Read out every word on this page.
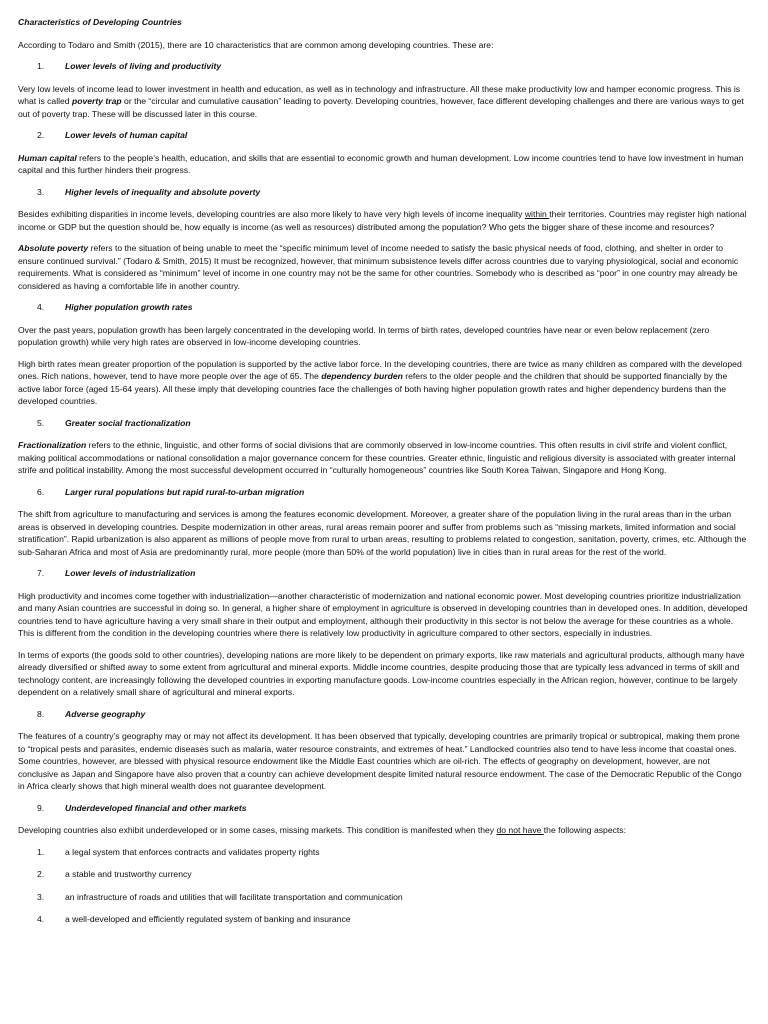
Characteristics of Developing Countries

According to Todaro and Smith (2015), there are 10 characteristics that are common among developing countries. These are:

1.	Lower levels of living and productivity

Very low levels of income lead to lower investment in health and education, as well as in technology and infrastructure. All these make productivity low and hamper economic progress. This is what is called poverty trap or the “circular and cumulative causation” leading to poverty. Developing countries, however, face different developing challenges and there are various ways to get out of poverty trap. These will be discussed later in this course.

2.	Lower levels of human capital

Human capital refers to the people’s health, education, and skills that are essential to economic growth and human development. Low income countries tend to have low investment in human capital and this further hinders their progress.

3.	Higher levels of inequality and absolute poverty

Besides exhibiting disparities in income levels, developing countries are also more likely to have very high levels of income inequality within their territories. Countries may register high national income or GDP but the question should be, how equally is income (as well as resources) distributed among the population? Who gets the bigger share of these income and resources?

Absolute poverty refers to the situation of being unable to meet the “specific minimum level of income needed to satisfy the basic physical needs of food, clothing, and shelter in order to ensure continued survival.” (Todaro & Smith, 2015) It must be recognized, however, that minimum subsistence levels differ across countries due to varying physiological, social and economic requirements. What is considered as “minimum” level of income in one country may not be the same for other countries. Somebody who is described as “poor” in one country may already be considered as having a comfortable life in another country.

4.	Higher population growth rates

Over the past years, population growth has been largely concentrated in the developing world. In terms of birth rates, developed countries have near or even below replacement (zero population growth) while very high rates are observed in low-income developing countries.

High birth rates mean greater proportion of the population is supported by the active labor force. In the developing countries, there are twice as many children as compared with the developed ones. Rich nations, however, tend to have more people over the age of 65. The dependency burden refers to the older people and the children that should be supported financially by the active labor force (aged 15-64 years). All these imply that developing countries face the challenges of both having higher population growth rates and higher dependency burdens than the developed countries.

5.	Greater social fractionalization

Fractionalization refers to the ethnic, linguistic, and other forms of social divisions that are commonly observed in low-income countries. This often results in civil strife and violent conflict, making political accommodations or national consolidation a major governance concern for these countries. Greater ethnic, linguistic and religious diversity is associated with greater internal strife and political instability. Among the most successful development occurred in “culturally homogeneous” countries like South Korea Taiwan, Singapore and Hong Kong.

6.	Larger rural populations but rapid rural-to-urban migration

The shift from agriculture to manufacturing and services is among the features economic development. Moreover, a greater share of the population living in the rural areas than in the urban areas is observed in developing countries. Despite modernization in other areas, rural areas remain poorer and suffer from problems such as “missing markets, limited information and social stratification”. Rapid urbanization is also apparent as millions of people move from rural to urban areas, resulting to problems related to congestion, sanitation, poverty, crimes, etc. Although the sub-Saharan Africa and most of Asia are predominantly rural, more people (more than 50% of the world population) live in cities than in rural areas for the rest of the world.

7.	Lower levels of industrialization

High productivity and incomes come together with industrialization—another characteristic of modernization and national economic power. Most developing countries prioritize industrialization and many Asian countries are successful in doing so. In general, a higher share of employment in agriculture is observed in developing countries than in developed ones. In addition, developed countries tend to have agriculture having a very small share in their output and employment, although their productivity in this sector is not below the average for these countries as a whole. This is different from the condition in the developing countries where there is relatively low productivity in agriculture compared to other sectors, especially in industries.

In terms of exports (the goods sold to other countries), developing nations are more likely to be dependent on primary exports, like raw materials and agricultural products, although many have already diversified or shifted away to some extent from agricultural and mineral exports. Middle income countries, despite producing those that are typically less advanced in terms of skill and technology content, are increasingly following the developed countries in exporting manufacture goods. Low-income countries especially in the African region, however, continue to be largely dependent on a relatively small share of agricultural and mineral exports.

8.	Adverse geography

The features of a country’s geography may or may not affect its development. It has been observed that typically, developing countries are primarily tropical or subtropical, making them prone to “tropical pests and parasites, endemic diseases such as malaria, water resource constraints, and extremes of heat.” Landlocked countries also tend to have less income that coastal ones. Some countries, however, are blessed with physical resource endowment like the Middle East countries which are oil-rich. The effects of geography on development, however, are not conclusive as Japan and Singapore have also proven that a country can achieve development despite limited natural resource endowment. The case of the Democratic Republic of the Congo in Africa clearly shows that high mineral wealth does not guarantee development.

9.	Underdeveloped financial and other markets

Developing countries also exhibit underdeveloped or in some cases, missing markets. This condition is manifested when they do not have the following aspects:

1.	a legal system that enforces contracts and validates property rights
2.	a stable and trustworthy currency
3.	an infrastructure of roads and utilities that will facilitate transportation and communication
4.	a well-developed and efficiently regulated system of banking and insurance
